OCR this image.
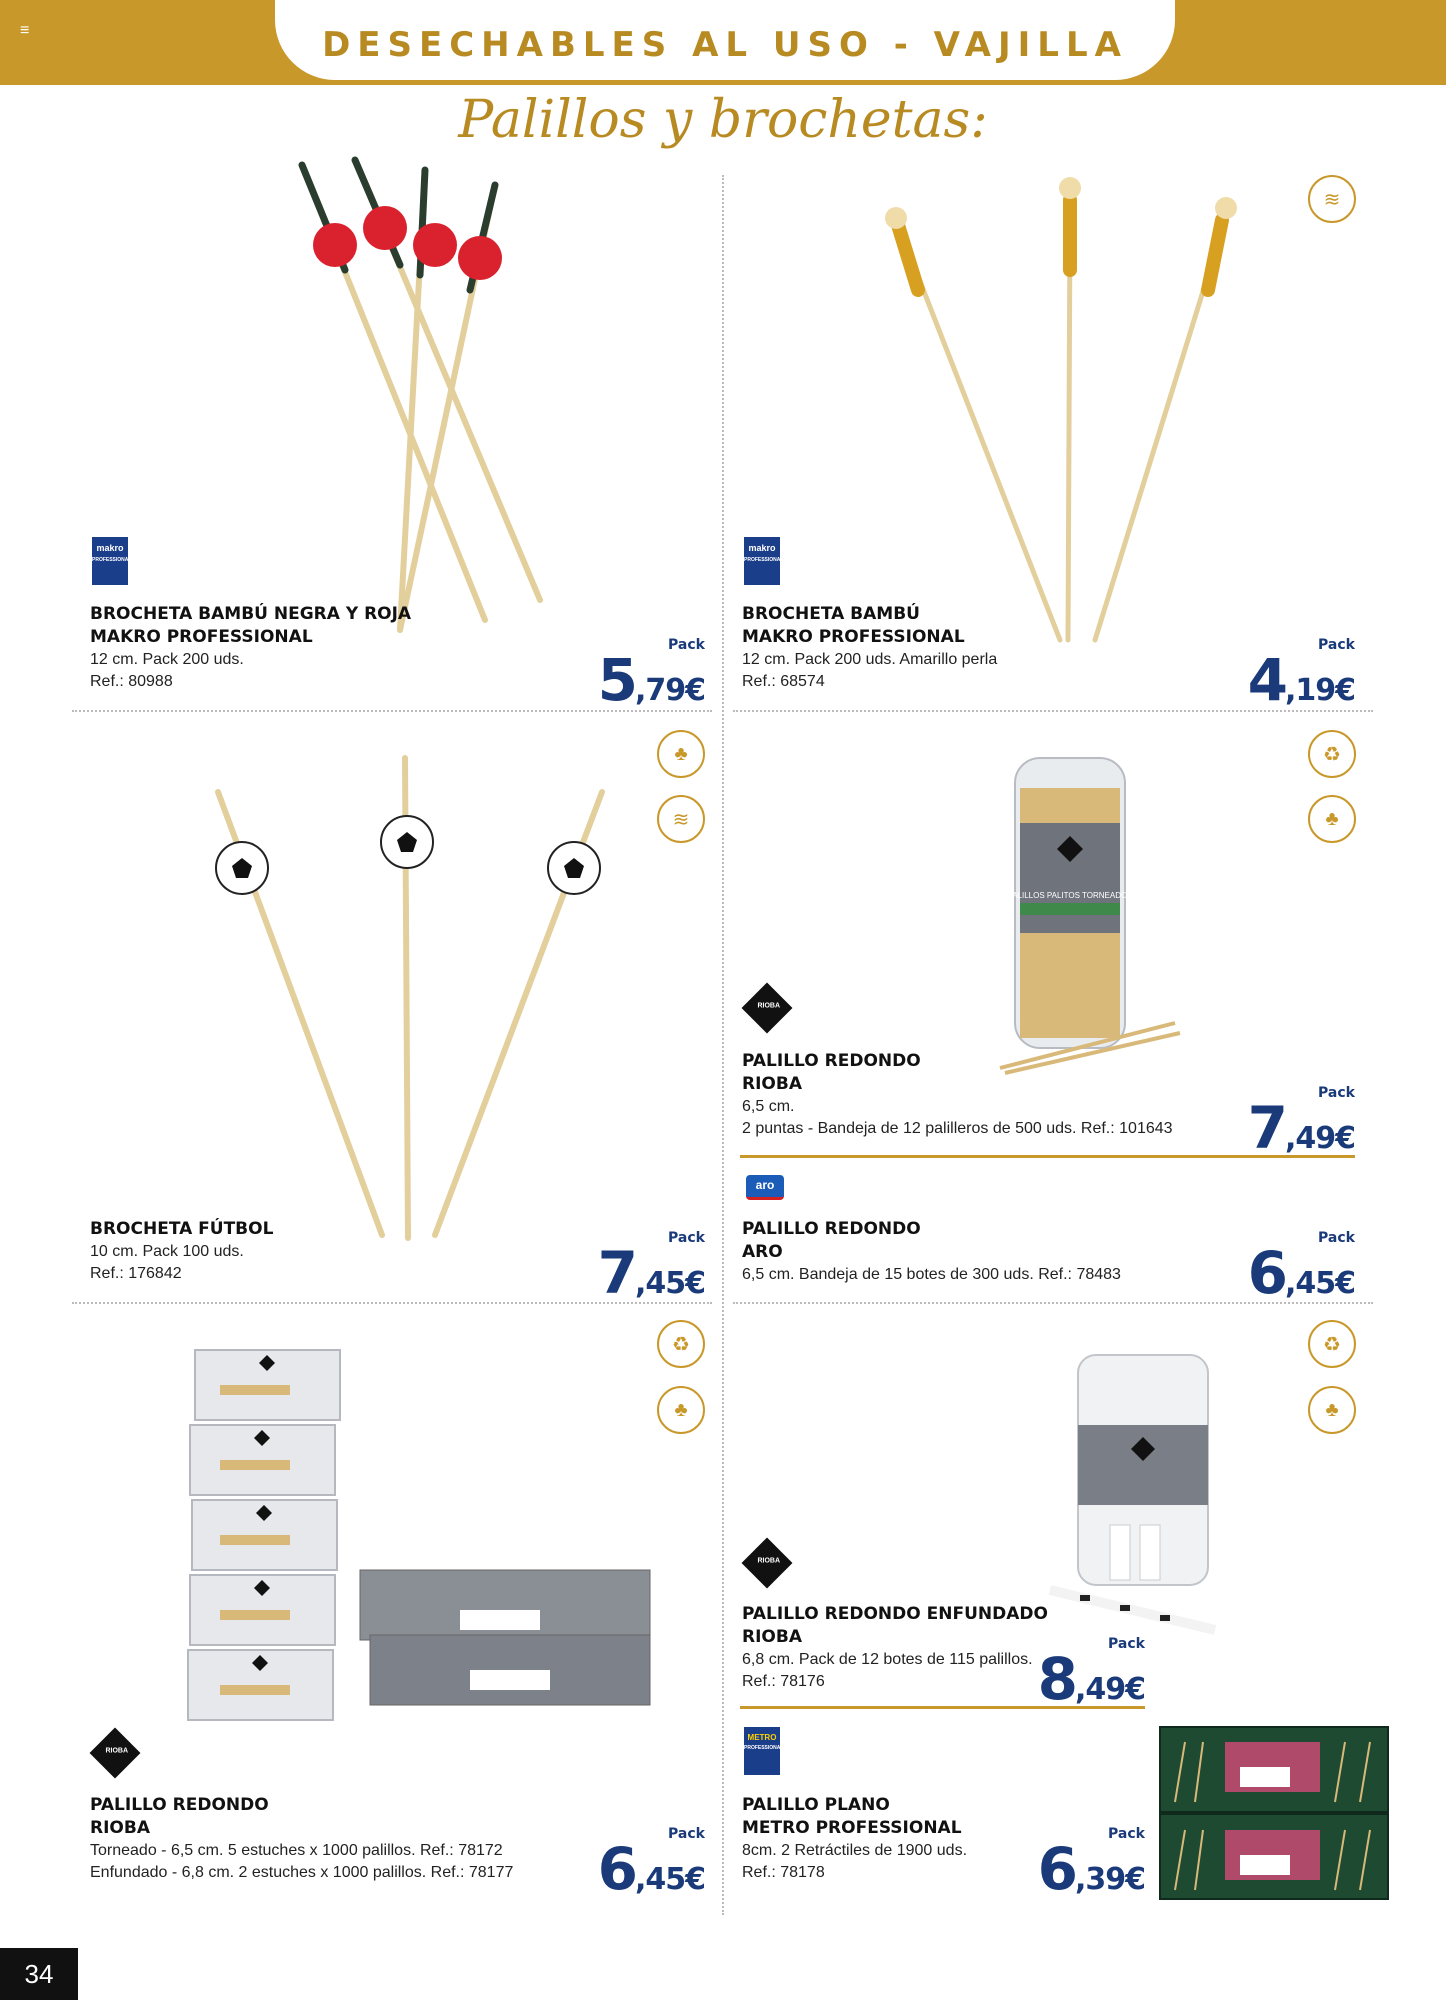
≡	DESECHABLES AL USO - VAJILLA
Palillos y brochetas:
makro
PROFESSIONAL
BROCHETA BAMBÚ NEGRA Y ROJA
MAKRO PROFESSIONAL
12 cm. Pack 200 uds.
Ref.: 80988
Pack
5,79€
≋
makro
PROFESSIONAL
BROCHETA BAMBÚ
MAKRO PROFESSIONAL
12 cm. Pack 200 uds. Amarillo perla
Ref.: 68574
Pack
4,19€
♣
≋
BROCHETA FÚTBOL
10 cm. Pack 100 uds.
Ref.: 176842
Pack
7,45€
PALILLOS PALITOS TORNEADOS
♻
♣
RIOBA
PALILLO REDONDO
RIOBA
6,5 cm.
2 puntas - Bandeja de 12 palilleros de 500 uds. Ref.: 101643
Pack
7,49€
aro
PALILLO REDONDO
ARO
6,5 cm. Bandeja de 15 botes de 300 uds. Ref.: 78483
Pack
6,45€
♻
♣
RIOBA
PALILLO REDONDO ENFUNDADO
RIOBA
6,8 cm. Pack de 12 botes de 115 palillos.
Ref.: 78176
Pack
8,49€
♻
♣
RIOBA
PALILLO REDONDO
RIOBA
Torneado - 6,5 cm. 5 estuches x 1000 palillos. Ref.: 78172
Enfundado - 6,8 cm. 2 estuches x 1000 palillos. Ref.: 78177
Pack
6,45€
METRO
PROFESSIONAL
PALILLO PLANO
METRO PROFESSIONAL
8cm. 2 Retráctiles de 1900 uds.
Ref.: 78178
Pack
6,39€
34
